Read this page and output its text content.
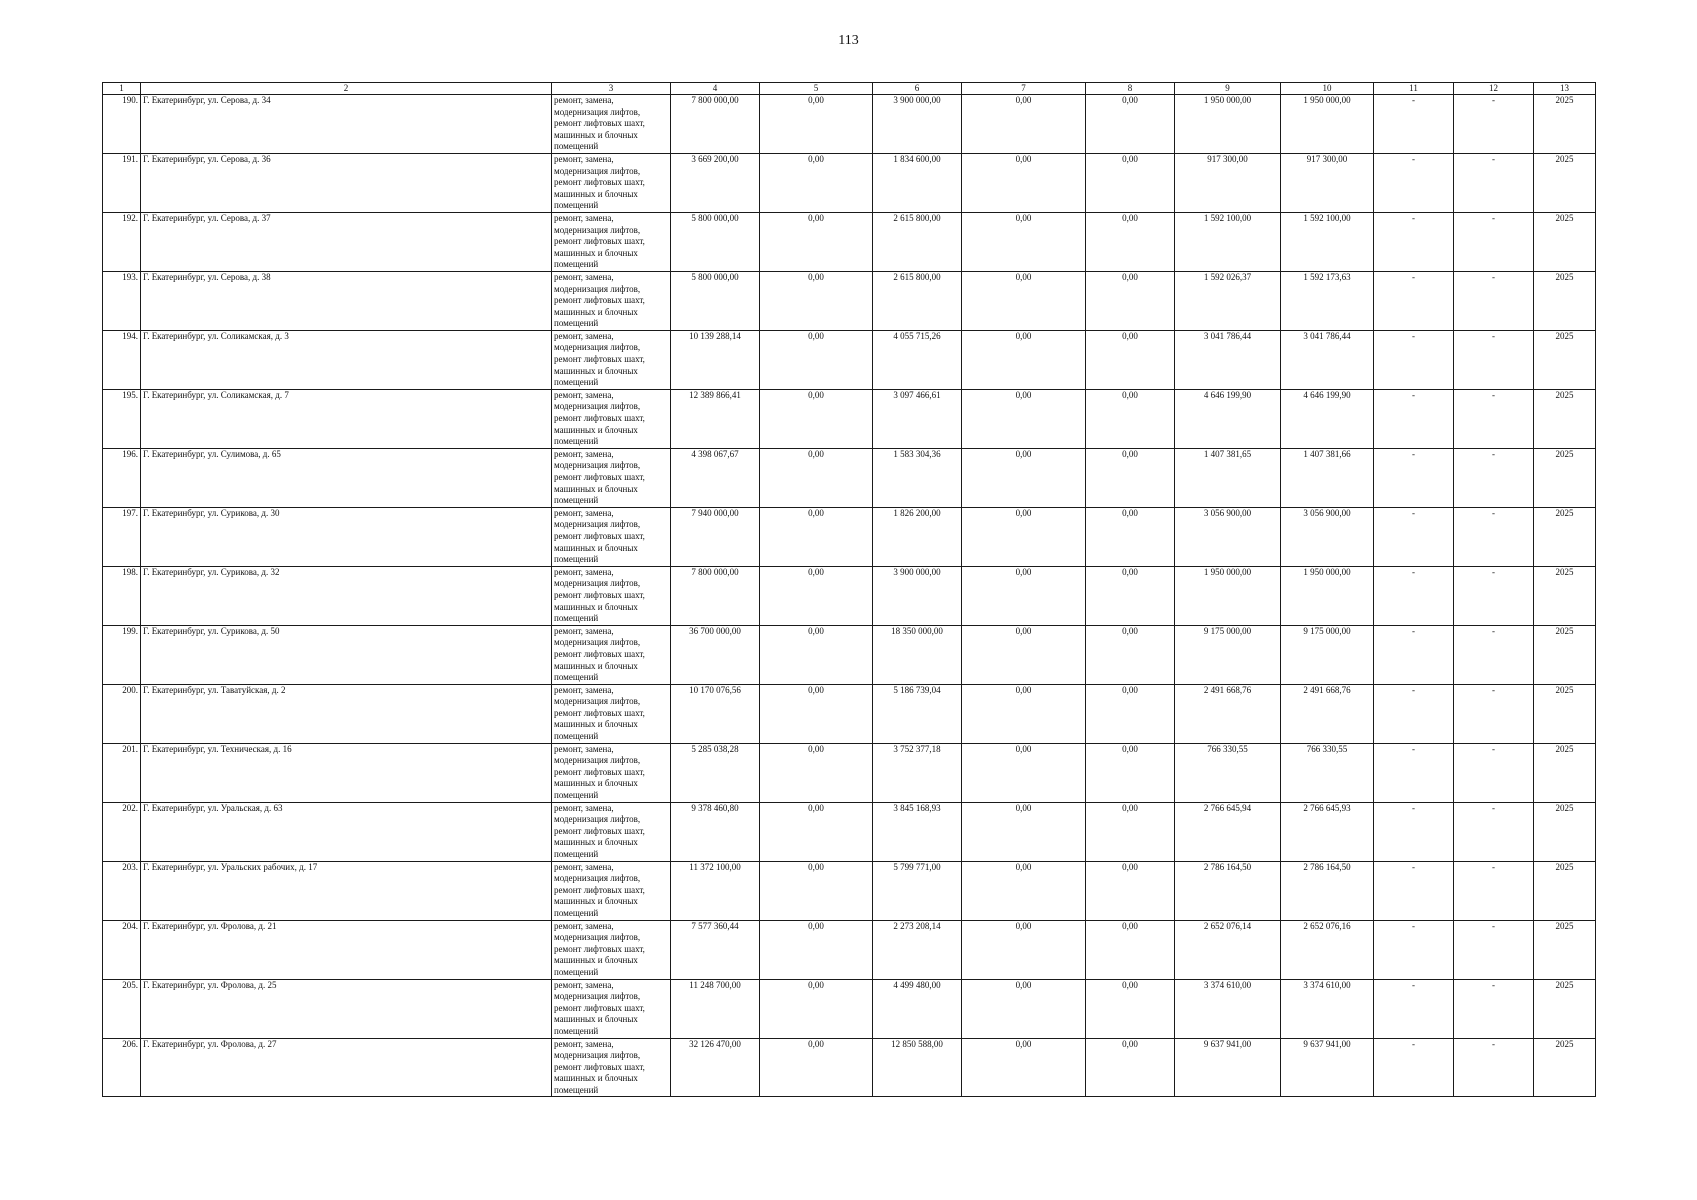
113
1	2	3	4	5	6	7	8	9	10	11	12	13
190.	Г. Екатеринбург, ул. Серова, д. 34	ремонт, замена, модернизация лифтов, ремонт лифтовых шахт, машинных и блочных помещений	7 800 000,00	0,00	3 900 000,00	0,00	0,00	1 950 000,00	1 950 000,00	-	-	2025
191.	Г. Екатеринбург, ул. Серова, д. 36	ремонт, замена, модернизация лифтов, ремонт лифтовых шахт, машинных и блочных помещений	3 669 200,00	0,00	1 834 600,00	0,00	0,00	917 300,00	917 300,00	-	-	2025
192.	Г. Екатеринбург, ул. Серова, д. 37	ремонт, замена, модернизация лифтов, ремонт лифтовых шахт, машинных и блочных помещений	5 800 000,00	0,00	2 615 800,00	0,00	0,00	1 592 100,00	1 592 100,00	-	-	2025
193.	Г. Екатеринбург, ул. Серова, д. 38	ремонт, замена, модернизация лифтов, ремонт лифтовых шахт, машинных и блочных помещений	5 800 000,00	0,00	2 615 800,00	0,00	0,00	1 592 026,37	1 592 173,63	-	-	2025
194.	Г. Екатеринбург, ул. Соликамская, д. 3	ремонт, замена, модернизация лифтов, ремонт лифтовых шахт, машинных и блочных помещений	10 139 288,14	0,00	4 055 715,26	0,00	0,00	3 041 786,44	3 041 786,44	-	-	2025
195.	Г. Екатеринбург, ул. Соликамская, д. 7	ремонт, замена, модернизация лифтов, ремонт лифтовых шахт, машинных и блочных помещений	12 389 866,41	0,00	3 097 466,61	0,00	0,00	4 646 199,90	4 646 199,90	-	-	2025
196.	Г. Екатеринбург, ул. Сулимова, д. 65	ремонт, замена, модернизация лифтов, ремонт лифтовых шахт, машинных и блочных помещений	4 398 067,67	0,00	1 583 304,36	0,00	0,00	1 407 381,65	1 407 381,66	-	-	2025
197.	Г. Екатеринбург, ул. Сурикова, д. 30	ремонт, замена, модернизация лифтов, ремонт лифтовых шахт, машинных и блочных помещений	7 940 000,00	0,00	1 826 200,00	0,00	0,00	3 056 900,00	3 056 900,00	-	-	2025
198.	Г. Екатеринбург, ул. Сурикова, д. 32	ремонт, замена, модернизация лифтов, ремонт лифтовых шахт, машинных и блочных помещений	7 800 000,00	0,00	3 900 000,00	0,00	0,00	1 950 000,00	1 950 000,00	-	-	2025
199.	Г. Екатеринбург, ул. Сурикова, д. 50	ремонт, замена, модернизация лифтов, ремонт лифтовых шахт, машинных и блочных помещений	36 700 000,00	0,00	18 350 000,00	0,00	0,00	9 175 000,00	9 175 000,00	-	-	2025
200.	Г. Екатеринбург, ул. Таватуйская, д. 2	ремонт, замена, модернизация лифтов, ремонт лифтовых шахт, машинных и блочных помещений	10 170 076,56	0,00	5 186 739,04	0,00	0,00	2 491 668,76	2 491 668,76	-	-	2025
201.	Г. Екатеринбург, ул. Техническая, д. 16	ремонт, замена, модернизация лифтов, ремонт лифтовых шахт, машинных и блочных помещений	5 285 038,28	0,00	3 752 377,18	0,00	0,00	766 330,55	766 330,55	-	-	2025
202.	Г. Екатеринбург, ул. Уральская, д. 63	ремонт, замена, модернизация лифтов, ремонт лифтовых шахт, машинных и блочных помещений	9 378 460,80	0,00	3 845 168,93	0,00	0,00	2 766 645,94	2 766 645,93	-	-	2025
203.	Г. Екатеринбург, ул. Уральских рабочих, д. 17	ремонт, замена, модернизация лифтов, ремонт лифтовых шахт, машинных и блочных помещений	11 372 100,00	0,00	5 799 771,00	0,00	0,00	2 786 164,50	2 786 164,50	-	-	2025
204.	Г. Екатеринбург, ул. Фролова, д. 21	ремонт, замена, модернизация лифтов, ремонт лифтовых шахт, машинных и блочных помещений	7 577 360,44	0,00	2 273 208,14	0,00	0,00	2 652 076,14	2 652 076,16	-	-	2025
205.	Г. Екатеринбург, ул. Фролова, д. 25	ремонт, замена, модернизация лифтов, ремонт лифтовых шахт, машинных и блочных помещений	11 248 700,00	0,00	4 499 480,00	0,00	0,00	3 374 610,00	3 374 610,00	-	-	2025
206.	Г. Екатеринбург, ул. Фролова, д. 27	ремонт, замена, модернизация лифтов, ремонт лифтовых шахт, машинных и блочных помещений	32 126 470,00	0,00	12 850 588,00	0,00	0,00	9 637 941,00	9 637 941,00	-	-	2025
